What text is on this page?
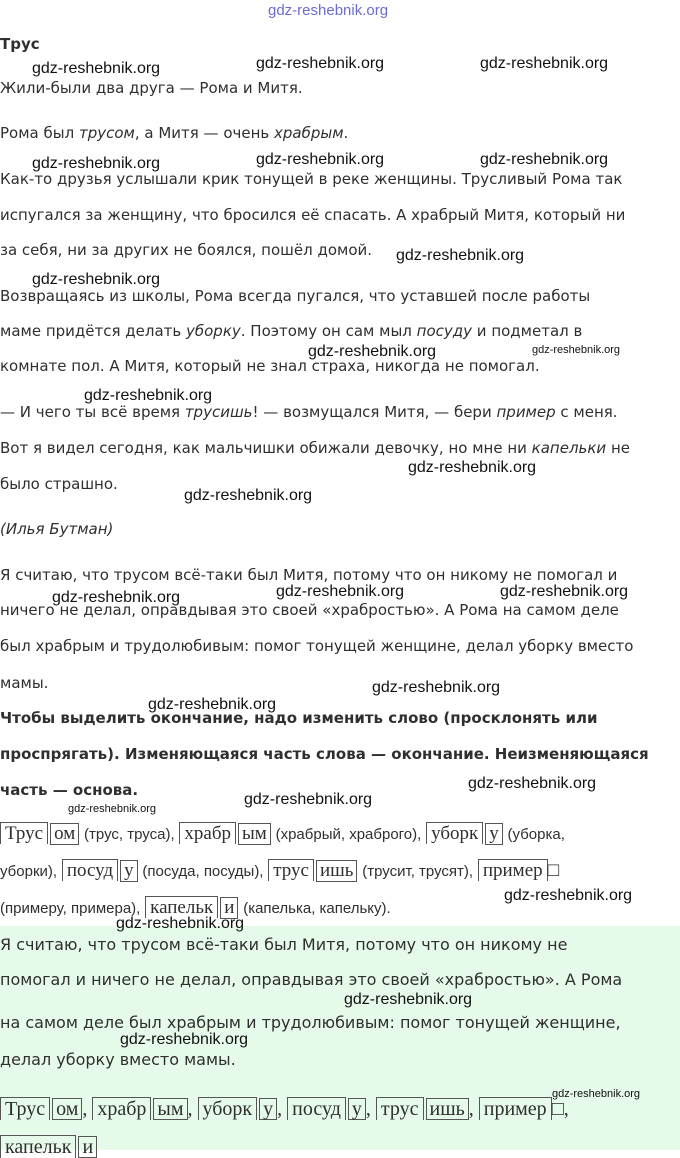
gdz-reshebnik.org
Трус
Жили-были два друга — Рома и Митя.
Рома был трусом, а Митя — очень храбрым.
Как-то друзья услышали крик тонущей в реке женщины. Трусливый Рома так
испугался за женщину, что бросился её спасать. А храбрый Митя, который ни
за себя, ни за других не боялся, пошёл домой.
Возвращаясь из школы, Рома всегда пугался, что уставшей после работы
маме придётся делать уборку. Поэтому он сам мыл посуду и подметал в
комнате пол. А Митя, который не знал страха, никогда не помогал.
— И чего ты всё время трусишь! — возмущался Митя, — бери пример с меня.
Вот я видел сегодня, как мальчишки обижали девочку, но мне ни капельки не
было страшно.
(Илья Бутман)
Я считаю, что трусом всё-таки был Митя, потому что он никому не помогал и
ничего не делал, оправдывая это своей «храбростью». А Рома на самом деле
был храбрым и трудолюбивым: помог тонущей женщине, делал уборку вместо
мамы.
Чтобы выделить окончание, надо изменить слово (просклонять или
проспрягать). Изменяющаяся часть слова — окончание. Неизменяющаяся
часть — основа.
Трус ом (трус, труса), храбр ым (храбрый, храброго), уборк у (уборка,
уборки), посуд у (посуда, посуды), трус ишь (трусит, трусят), пример □
(примеру, примера), капельк и (капелька, капельку).
Я считаю, что трусом всё-таки был Митя, потому что он никому не
помогал и ничего не делал, оправдывая это своей «храбростью». А Рома
на самом деле был храбрым и трудолюбивым: помог тонущей женщине,
делал уборку вместо мамы.
Трус ом , храбр ым , уборк у , посуд у , трус ишь , пример □,
капельк и
gdz-reshebnik.org	gdz-reshebnik.org	gdz-reshebnik.org
gdz-reshebnik.org	gdz-reshebnik.org	gdz-reshebnik.org
gdz-reshebnik.org
gdz-reshebnik.org
gdz-reshebnik.org	gdz-reshebnik.org
gdz-reshebnik.org
gdz-reshebnik.org
gdz-reshebnik.org
gdz-reshebnik.org	gdz-reshebnik.org	gdz-reshebnik.org
gdz-reshebnik.org
gdz-reshebnik.org
gdz-reshebnik.org
gdz-reshebnik.org
gdz-reshebnik.org
gdz-reshebnik.org
gdz-reshebnik.org
gdz-reshebnik.org
gdz-reshebnik.org
gdz-reshebnik.org
